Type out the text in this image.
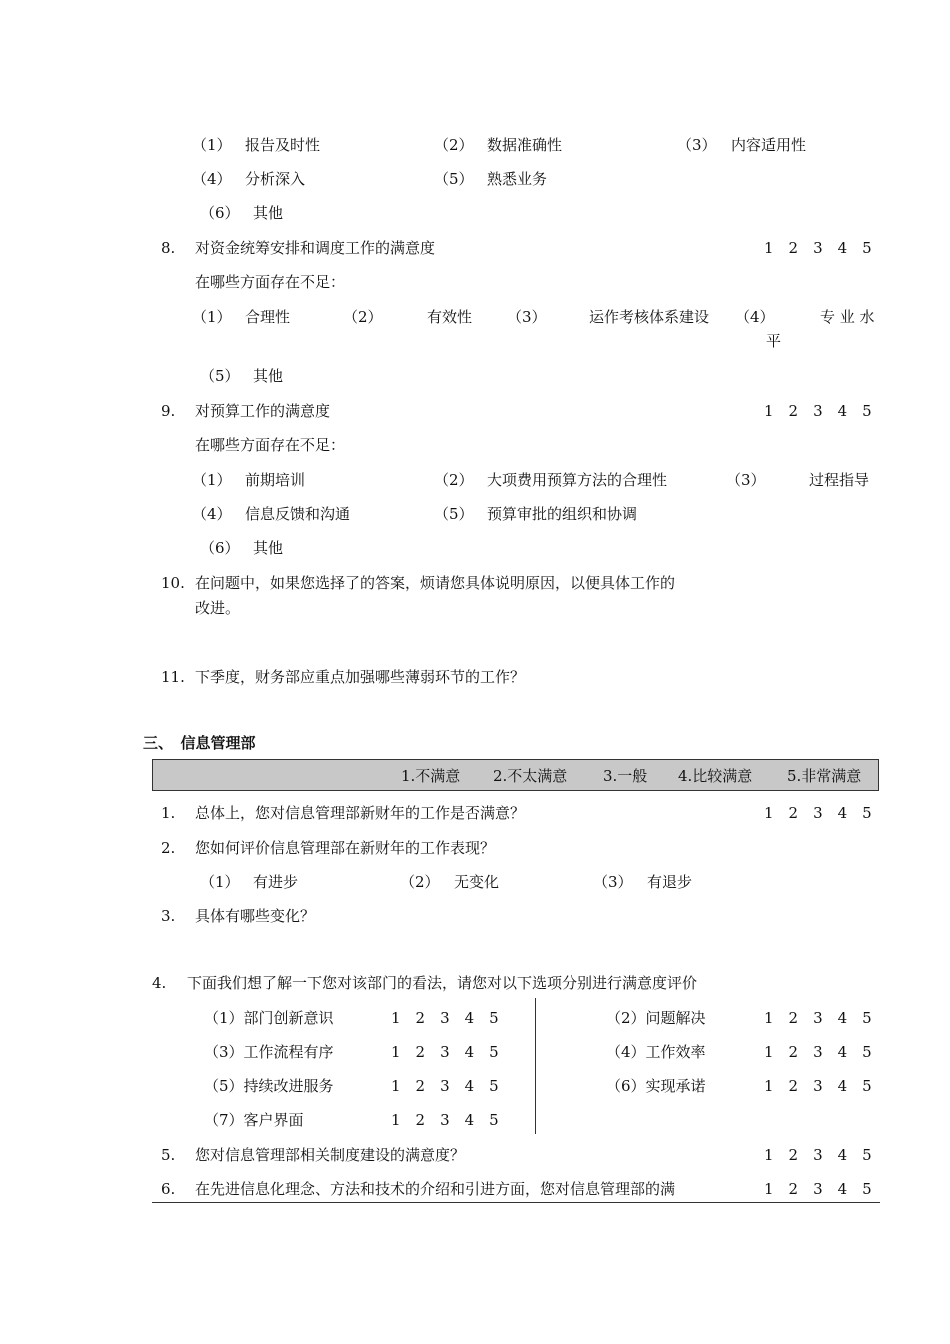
（1） 报告及时性	（2） 数据准确性	（3） 内容适用性
（4） 分析深入	（5） 熟悉业务
（6） 其他
8. 对资金统筹安排和调度工作的满意度	1　2　3　4　5
在哪些方面存在不足：
（1） 合理性	（2）	有效性 （3）	运作考核体系建设 （4）	专 业 水
平
（5） 其他
9. 对预算工作的满意度	1　2　3　4　5
在哪些方面存在不足：
（1） 前期培训	（2） 大项费用预算方法的合理性	（3）	过程指导
（4） 信息反馈和沟通	（5） 预算审批的组织和协调
（6） 其他
10. 在问题中，如果您选择了的答案，烦请您具体说明原因，以便具体工作的
改进。
11. 下季度，财务部应重点加强哪些薄弱环节的工作？
三、　信息管理部
1.不满意 2.不太满意 3.一般 4.比较满意 5.非常满意
1. 总体上，您对信息管理部新财年的工作是否满意？	1　2　3　4　5
2. 您如何评价信息管理部在新财年的工作表现？
（1） 有进步	（2） 无变化	（3） 有退步
3. 具体有哪些变化？
4. 下面我们想了解一下您对该部门的看法，请您对以下选项分别进行满意度评价
（1）部门创新意识	1　2　3　4　5
（3）工作流程有序	1　2　3　4　5
（5）持续改进服务	1　2　3　4　5
（7）客户界面	1　2　3　4　5
（2）问题解决	1　2　3　4　5
（4）工作效率	1　2　3　4　5
（6）实现承诺	1　2　3　4　5
5. 您对信息管理部相关制度建设的满意度？	1　2　3　4　5
6. 在先进信息化理念、方法和技术的介绍和引进方面，您对信息管理部的满	1　2　3　4　5
